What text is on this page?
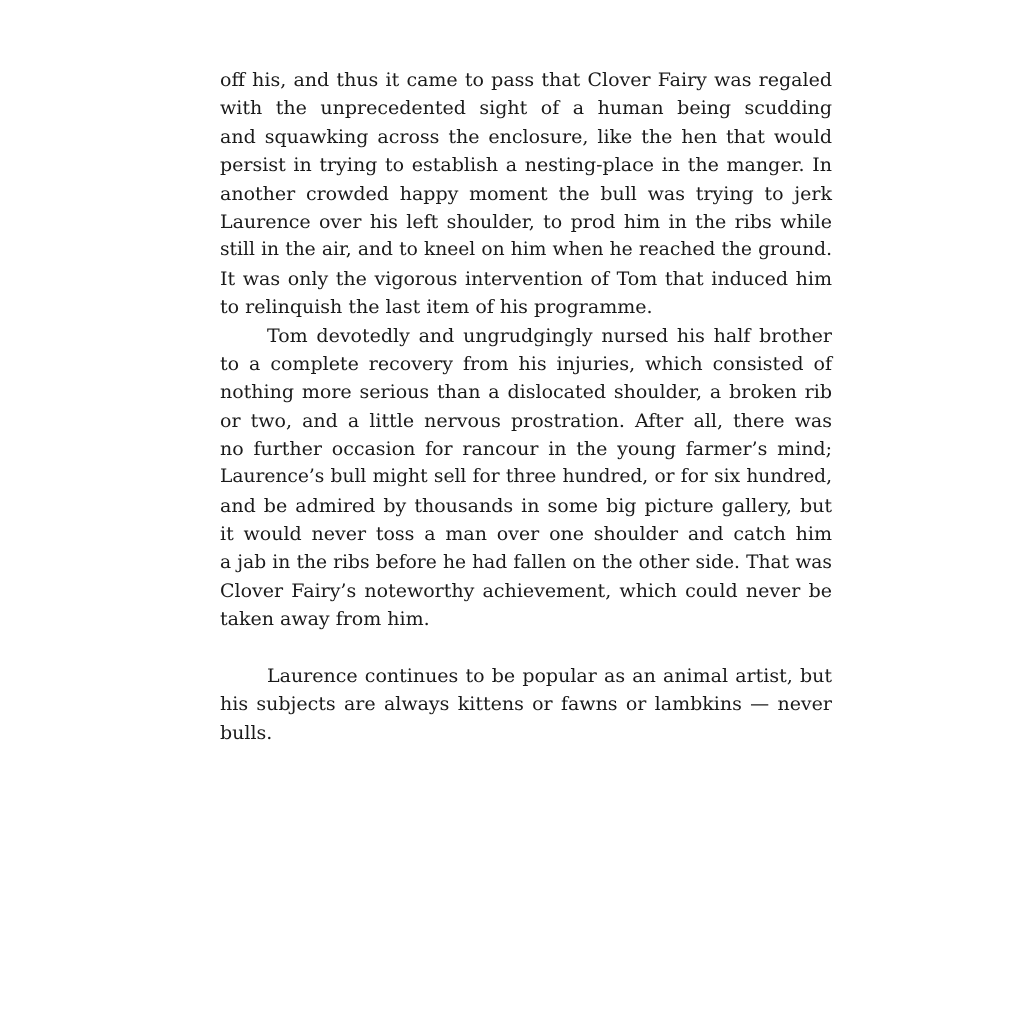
off his, and thus it came to pass that Clover Fairy was regaled
with the unprecedented sight of a human being scudding
and squawking across the enclosure, like the hen that would
persist in trying to establish a nesting-place in the manger. In
another crowded happy moment the bull was trying to jerk
Laurence over his left shoulder, to prod him in the ribs while
still in the air, and to kneel on him when he reached the ground.
It was only the vigorous intervention of Tom that induced him
to relinquish the last item of his programme.
Tom devotedly and ungrudgingly nursed his half brother
to a complete recovery from his injuries, which consisted of
nothing more serious than a dislocated shoulder, a broken rib
or two, and a little nervous prostration. After all, there was
no further occasion for rancour in the young farmer’s mind;
Laurence’s bull might sell for three hundred, or for six hundred,
and be admired by thousands in some big picture gallery, but
it would never toss a man over one shoulder and catch him
a jab in the ribs before he had fallen on the other side. That was
Clover Fairy’s noteworthy achievement, which could never be
taken away from him.
Laurence continues to be popular as an animal artist, but
his subjects are always kittens or fawns or lambkins — never
bulls.
